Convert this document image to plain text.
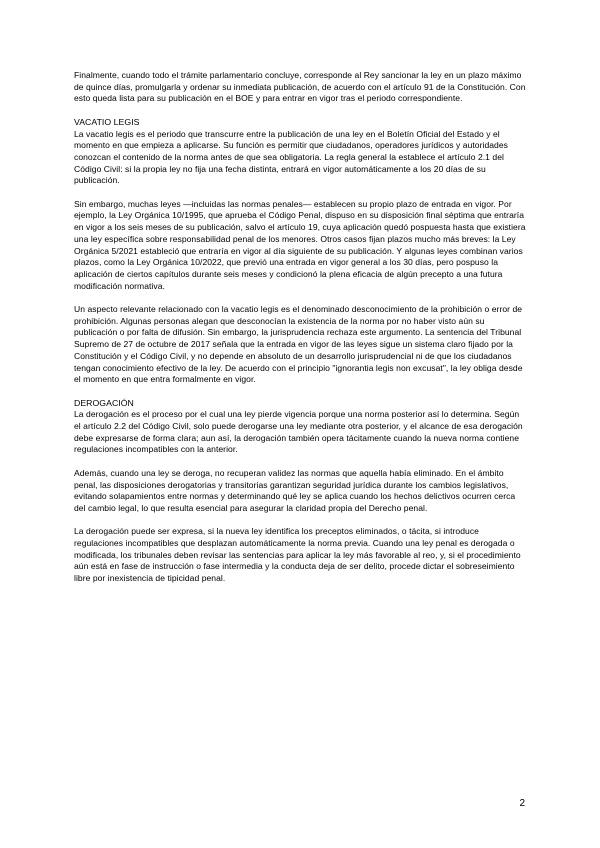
Finalmente, cuando todo el trámite parlamentario concluye, corresponde al Rey sancionar la ley en un plazo máximo de quince días, promulgarla y ordenar su inmediata publicación, de acuerdo con el artículo 91 de la Constitución. Con esto queda lista para su publicación en el BOE y para entrar en vigor tras el periodo correspondiente.

VACATIO LEGIS

La vacatio legis es el periodo que transcurre entre la publicación de una ley en el Boletín Oficial del Estado y el momento en que empieza a aplicarse. Su función es permitir que ciudadanos, operadores jurídicos y autoridades conozcan el contenido de la norma antes de que sea obligatoria. La regla general la establece el artículo 2.1 del Código Civil: si la propia ley no fija una fecha distinta, entrará en vigor automáticamente a los 20 días de su publicación.

Sin embargo, muchas leyes —incluidas las normas penales— establecen su propio plazo de entrada en vigor. Por ejemplo, la Ley Orgánica 10/1995, que aprueba el Código Penal, dispuso en su disposición final séptima que entraría en vigor a los seis meses de su publicación, salvo el artículo 19, cuya aplicación quedó pospuesta hasta que existiera una ley específica sobre responsabilidad penal de los menores. Otros casos fijan plazos mucho más breves: la Ley Orgánica 5/2021 estableció que entraría en vigor al día siguiente de su publicación. Y algunas leyes combinan varios plazos, como la Ley Orgánica 10/2022, que previó una entrada en vigor general a los 30 días, pero pospuso la aplicación de ciertos capítulos durante seis meses y condicionó la plena eficacia de algún precepto a una futura modificación normativa.

Un aspecto relevante relacionado con la vacatio legis es el denominado desconocimiento de la prohibición o error de prohibición. Algunas personas alegan que desconocían la existencia de la norma por no haber visto aún su publicación o por falta de difusión. Sin embargo, la jurisprudencia rechaza este argumento. La sentencia del Tribunal Supremo de 27 de octubre de 2017 señala que la entrada en vigor de las leyes sigue un sistema claro fijado por la Constitución y el Código Civil, y no depende en absoluto de un desarrollo jurisprudencial ni de que los ciudadanos tengan conocimiento efectivo de la ley. De acuerdo con el principio "ignorantia legis non excusat", la ley obliga desde el momento en que entra formalmente en vigor.

DEROGACIÓN

La derogación es el proceso por el cual una ley pierde vigencia porque una norma posterior así lo determina. Según el artículo 2.2 del Código Civil, solo puede derogarse una ley mediante otra posterior, y el alcance de esa derogación debe expresarse de forma clara; aun así, la derogación también opera tácitamente cuando la nueva norma contiene regulaciones incompatibles con la anterior.

Además, cuando una ley se deroga, no recuperan validez las normas que aquella había eliminado. En el ámbito penal, las disposiciones derogatorias y transitorias garantizan seguridad jurídica durante los cambios legislativos, evitando solapamientos entre normas y determinando qué ley se aplica cuando los hechos delictivos ocurren cerca del cambio legal, lo que resulta esencial para asegurar la claridad propia del Derecho penal.

La derogación puede ser expresa, si la nueva ley identifica los preceptos eliminados, o tácita, si introduce regulaciones incompatibles que desplazan automáticamente la norma previa. Cuando una ley penal es derogada o modificada, los tribunales deben revisar las sentencias para aplicar la ley más favorable al reo, y, si el procedimiento aún está en fase de instrucción o fase intermedia y la conducta deja de ser delito, procede dictar el sobreseimiento libre por inexistencia de tipicidad penal.

2
